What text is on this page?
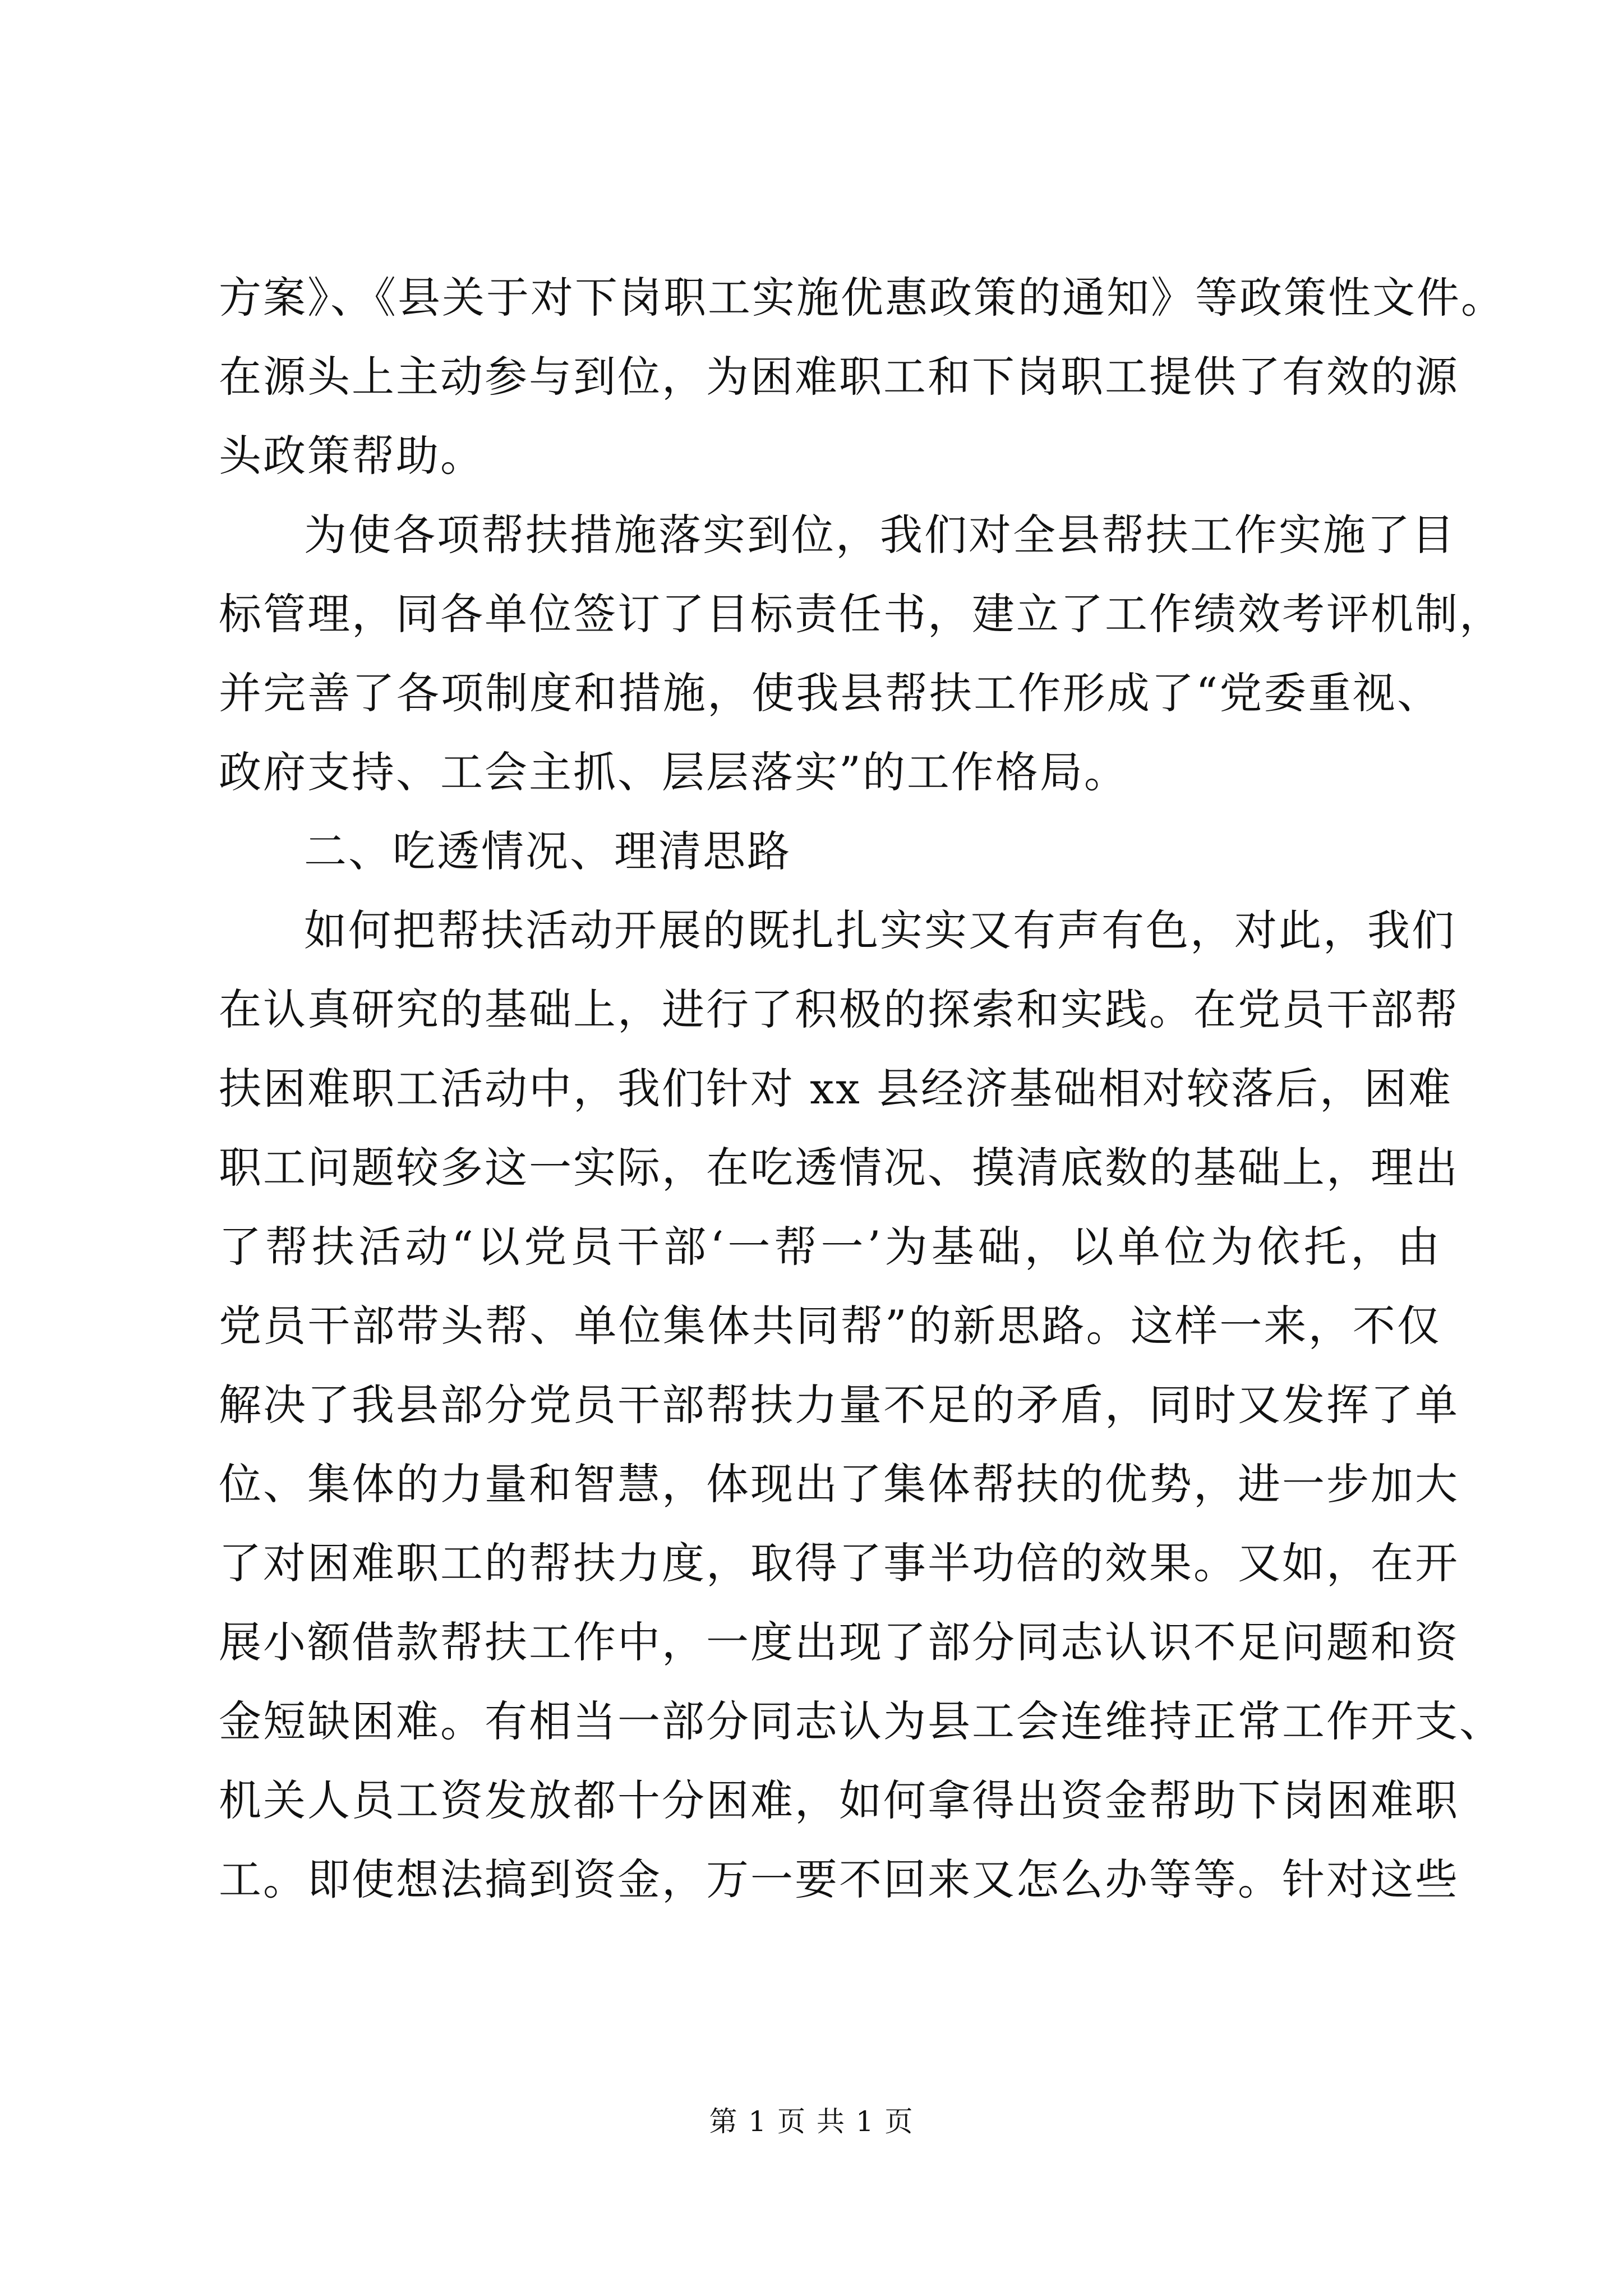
方案》、《县关于对下岗职工实施优惠政策的通知》等政策性文件。
在源头上主动参与到位，为困难职工和下岗职工提供了有效的源
头政策帮助。
为使各项帮扶措施落实到位，我们对全县帮扶工作实施了目
标管理，同各单位签订了目标责任书，建立了工作绩效考评机制，
并完善了各项制度和措施，使我县帮扶工作形成了“党委重视、
政府支持、工会主抓、层层落实”的工作格局。
二、吃透情况、理清思路
如何把帮扶活动开展的既扎扎实实又有声有色，对此，我们
在认真研究的基础上，进行了积极的探索和实践。在党员干部帮
扶困难职工活动中，我们针对 xx 县经济基础相对较落后，困难
职工问题较多这一实际，在吃透情况、摸清底数的基础上，理出
了帮扶活动“以党员干部‘一帮一’为基础，以单位为依托，由
党员干部带头帮、单位集体共同帮”的新思路。这样一来，不仅
解决了我县部分党员干部帮扶力量不足的矛盾，同时又发挥了单
位、集体的力量和智慧，体现出了集体帮扶的优势，进一步加大
了对困难职工的帮扶力度，取得了事半功倍的效果。又如，在开
展小额借款帮扶工作中，一度出现了部分同志认识不足问题和资
金短缺困难。有相当一部分同志认为县工会连维持正常工作开支、
机关人员工资发放都十分困难，如何拿得出资金帮助下岗困难职
工。即使想法搞到资金，万一要不回来又怎么办等等。针对这些
第 1 页 共 1 页
